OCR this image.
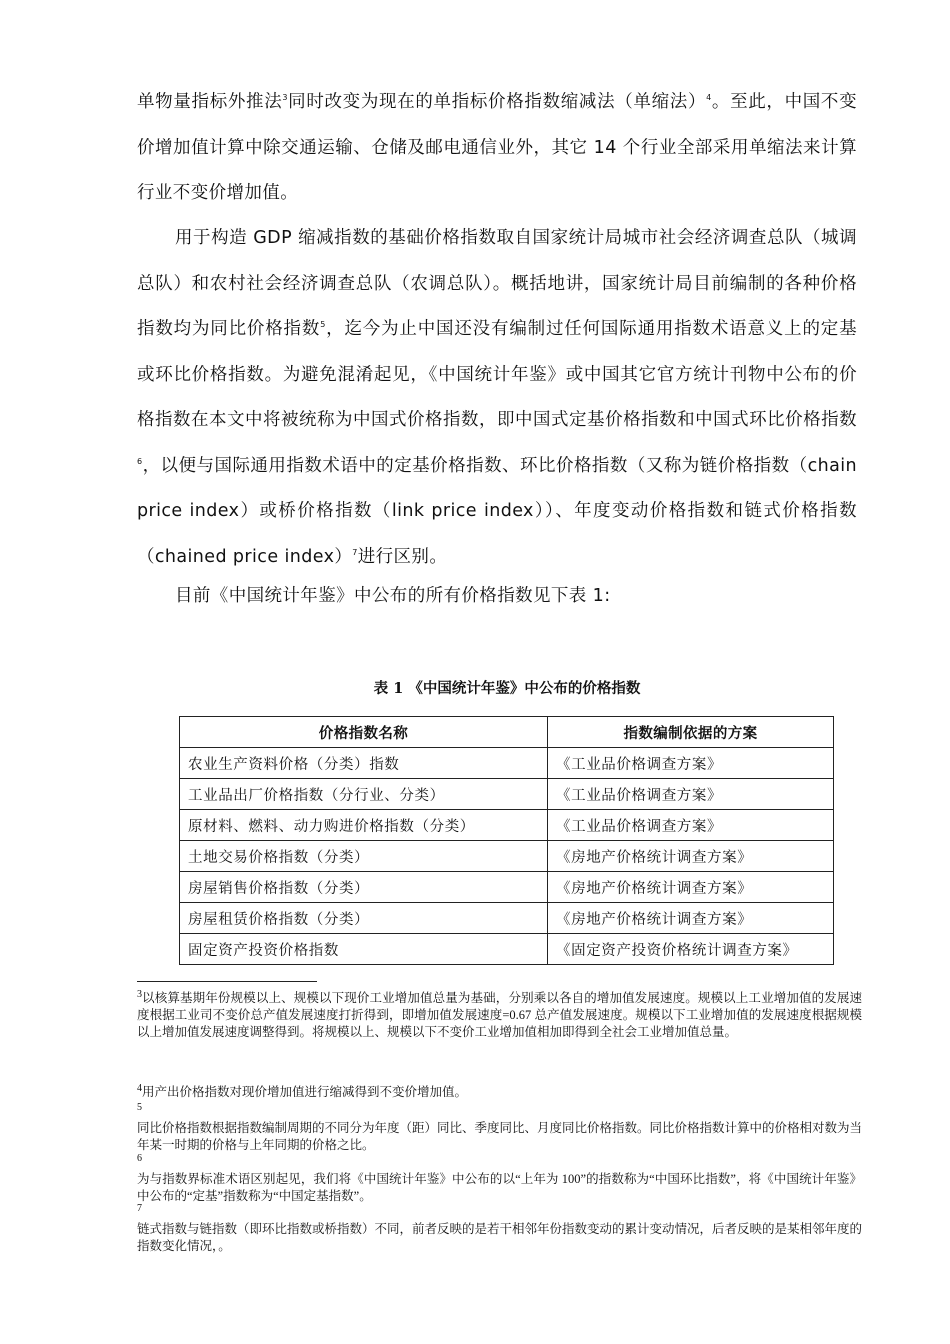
单物量指标外推法$^3$同时改变为现在的单指标价格指数缩减法（单缩法）$^4$。至此，中国不变价增加值计算中除交通运输、仓储及邮电通信业外，其它 14 个行业全部采用单缩法来计算行业不变价增加值。

用于构造 GDP 缩减指数的基础价格指数取自国家统计局城市社会经济调查总队（城调总队）和农村社会经济调查总队（农调总队）。概括地讲，国家统计局目前编制的各种价格指数均为同比价格指数$^5$，迄今为止中国还没有编制过任何国际通用指数术语意义上的定基或环比价格指数。为避免混淆起见，《中国统计年鉴》或中国其它官方统计刊物中公布的价格指数在本文中将被统称为中国式价格指数，即中国式定基价格指数和中国式环比价格指数$^6$，以便与国际通用指数术语中的定基价格指数、环比价格指数（又称为链价格指数（chain price index）或桥价格指数（link price index））、年度变动价格指数和链式价格指数（chained price index）$^7$进行区别。

目前《中国统计年鉴》中公布的所有价格指数见下表 1:

表 1 《中国统计年鉴》中公布的价格指数
价格指数名称	指数编制依据的方案
农业生产资料价格（分类）指数	《工业品价格调查方案》
工业品出厂价格指数（分行业、分类）	《工业品价格调查方案》
原材料、燃料、动力购进价格指数（分类）	《工业品价格调查方案》
土地交易价格指数（分类）	《房地产价格统计调查方案》
房屋销售价格指数（分类）	《房地产价格统计调查方案》
房屋租赁价格指数（分类）	《房地产价格统计调查方案》
固定资产投资价格指数	《固定资产投资价格统计调查方案》

$^3$以核算基期年份规模以上、规模以下现价工业增加值总量为基础，分别乘以各自的增加值发展速度。规模以上工业增加值的发展速度根据工业司不变价总产值发展速度打折得到，即增加值发展速度=0.67 总产值发展速度。规模以下工业增加值的发展速度根据规模以上增加值发展速度调整得到。将规模以上、规模以下不变价工业增加值相加即得到全社会工业增加值总量。

$^4$用产出价格指数对现价增加值进行缩减得到不变价增加值。

5

同比价格指数根据指数编制周期的不同分为年度（距）同比、季度同比、月度同比价格指数。同比价格指数计算中的价格相对数为当年某一时期的价格与上年同期的价格之比。

6

为与指数界标准术语区别起见，我们将《中国统计年鉴》中公布的以“上年为 100”的指数称为“中国环比指数”，将《中国统计年鉴》中公布的“定基”指数称为“中国定基指数”。

7

链式指数与链指数（即环比指数或桥指数）不同，前者反映的是若干相邻年份指数变动的累计变动情况，后者反映的是某相邻年度的指数变化情况，。
